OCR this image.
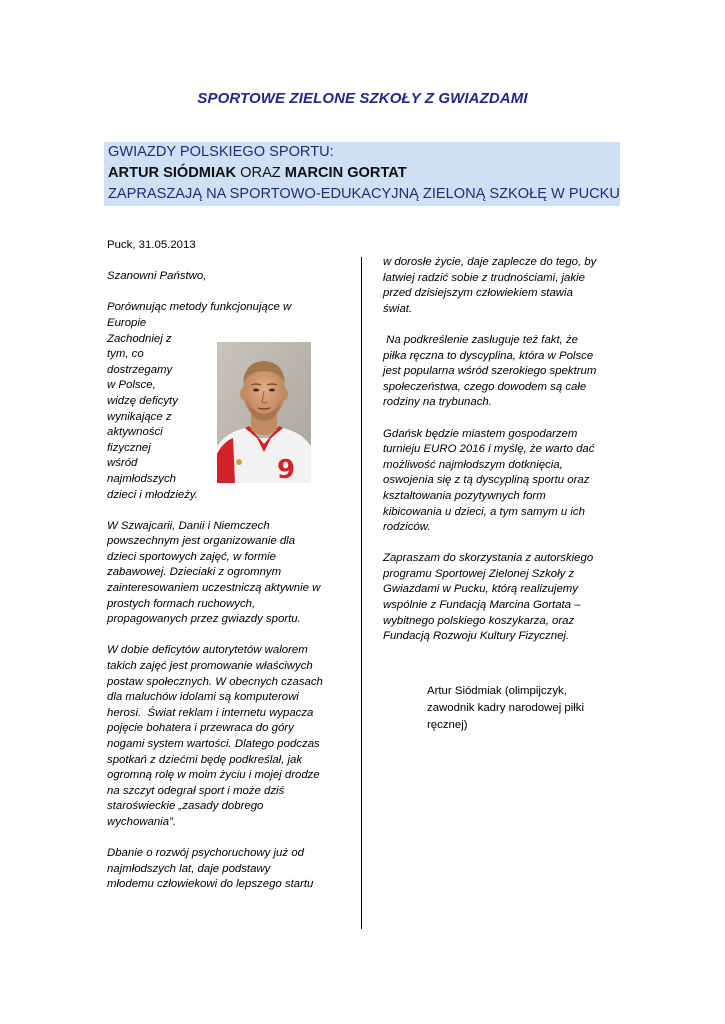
SPORTOWE ZIELONE SZKOŁY Z GWIAZDAMI
GWIAZDY POLSKIEGO SPORTU:
ARTUR SIÓDMIAK ORAZ MARCIN GORTAT
ZAPRASZAJĄ NA SPORTOWO-EDUKACYJNĄ ZIELONĄ SZKOŁĘ W PUCKU

Puck, 31.05.2013

Szanowni Państwo,

Porównując metody funkcjonujące w
Europie
Zachodniej z
tym, co
dostrzegamy
w Polsce,
widzę deficyty
wynikające z
aktywności
fizycznej
wśród
najmłodszych
dzieci i młodzieży.

W Szwajcarii, Danii i Niemczech
powszechnym jest organizowanie dla
dzieci sportowych zajęć, w formie
zabawowej. Dzieciaki z ogromnym
zainteresowaniem uczestniczą aktywnie w
prostych formach ruchowych,
propagowanych przez gwiazdy sportu.

W dobie deficytów autorytetów walorem
takich zajęć jest promowanie właściwych
postaw społecznych. W obecnych czasach
dla maluchów idolami są komputerowi
herosi.  Świat reklam i internetu wypacza
pojęcie bohatera i przewraca do góry
nogami system wartości. Dlatego podczas
spotkań z dziećmi będę podkreślał, jak
ogromną rolę w moim życiu i mojej drodze
na szczyt odegrał sport i może dziś
staroświeckie „zasady dobrego
wychowania”.

Dbanie o rozwój psychoruchowy już od
najmłodszych lat, daje podstawy
młodemu człowiekowi do lepszego startu

9

w dorosłe życie, daje zaplecze do tego, by
łatwiej radzić sobie z trudnościami, jakie
przed dzisiejszym człowiekiem stawia
świat.

Na podkreślenie zasługuje też fakt, że
piłka ręczna to dyscyplina, która w Polsce
jest popularna wśród szerokiego spektrum
społeczeństwa, czego dowodem są całe
rodziny na trybunach.

Gdańsk będzie miastem gospodarzem
turnieju EURO 2016 i myślę, że warto dać
możliwość najmłodszym dotknięcia,
oswojenia się z tą dyscypliną sportu oraz
kształtowania pozytywnych form
kibicowania u dzieci, a tym samym u ich
rodziców.

Zapraszam do skorzystania z autorskiego
programu Sportowej Zielonej Szkoły z
Gwiazdami w Pucku, którą realizujemy
wspólnie z Fundacją Marcina Gortata –
wybitnego polskiego koszykarza, oraz
Fundacją Rozwoju Kultury Fizycznej.

Artur Siódmiak (olimpijczyk,
zawodnik kadry narodowej piłki
ręcznej)
